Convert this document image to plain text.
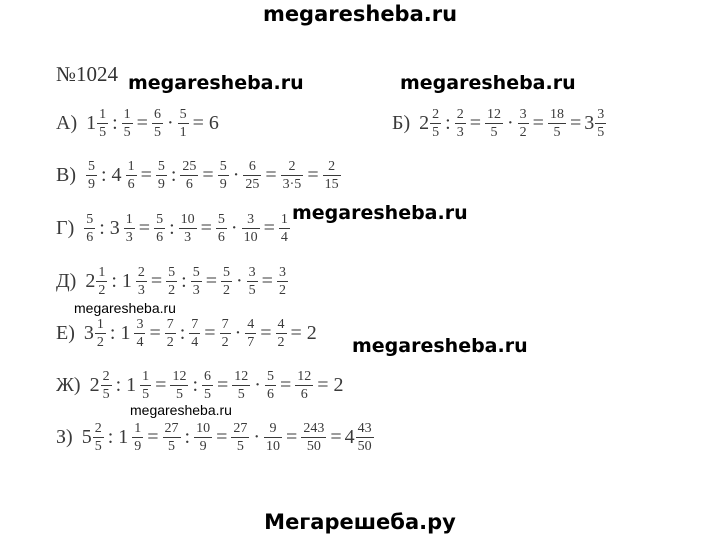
megaresheba.ru
№1024 megaresheba.ru	megaresheba.ru
А) $1 \frac{1}{5}$ : $\frac{1}{5} = \frac{6}{5} \cdot \frac{5}{1} = 6$	Б) $2 \frac{2}{5}$ : $\frac{2}{3} = \frac{12}{5} \cdot \frac{3}{2} = \frac{18}{5} = 3 \frac{3}{5}$
$В) \frac{5}{9}$ : $4 \frac{1}{6} = \frac{5}{9}$ : $\frac{25}{6} = \frac{5}{9} \cdot \frac{6}{25} = \frac{2}{3\cdot 5} = \frac{2}{15}$
$Г) \frac{5}{6}$ : $3 \frac{1}{3} = \frac{5}{6}$ : $\frac{10}{3} = \frac{5}{6} \cdot \frac{3}{10} = \frac{1}{4}$ megaresheba.ru
Д) $2 \frac{1}{2}$ : $1 \frac{2}{3} = \frac{5}{2}$ : $\frac{5}{3} = \frac{5}{2} \cdot \frac{3}{5} = \frac{3}{2}$
megaresheba.ru
Е) $3 \frac{1}{2}$ : $1 \frac{3}{4} = \frac{7}{2}$ : $\frac{7}{4} = \frac{7}{2} \cdot \frac{4}{7} = \frac{4}{2} = 2$
megaresheba.ru
Ж) $2 \frac{2}{5}$ : $1 \frac{1}{5} = \frac{12}{5}$ : $\frac{6}{5} = \frac{12}{5} \cdot \frac{5}{6} = \frac{12}{6} = 2$
megaresheba.ru
З) $5 \frac{2}{5}$ : $1 \frac{1}{9} = \frac{27}{5}$ : $\frac{10}{9} = \frac{27}{5} \cdot \frac{9}{10} = \frac{243}{50} = 4 \frac{43}{50}$
Мегарешеба.ру
